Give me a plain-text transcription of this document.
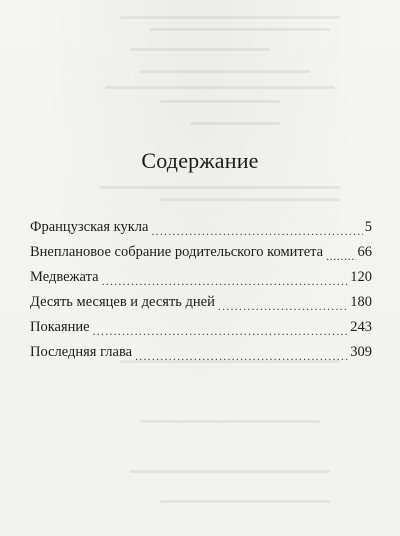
Содержание
Французская кукла .....	5
Внеплановое собрание родительского комитета ..... 66
Медвежата .....	120
Десять месяцев и десять дней .....	180
Покаяние .....	243
Последняя глава .....	309
